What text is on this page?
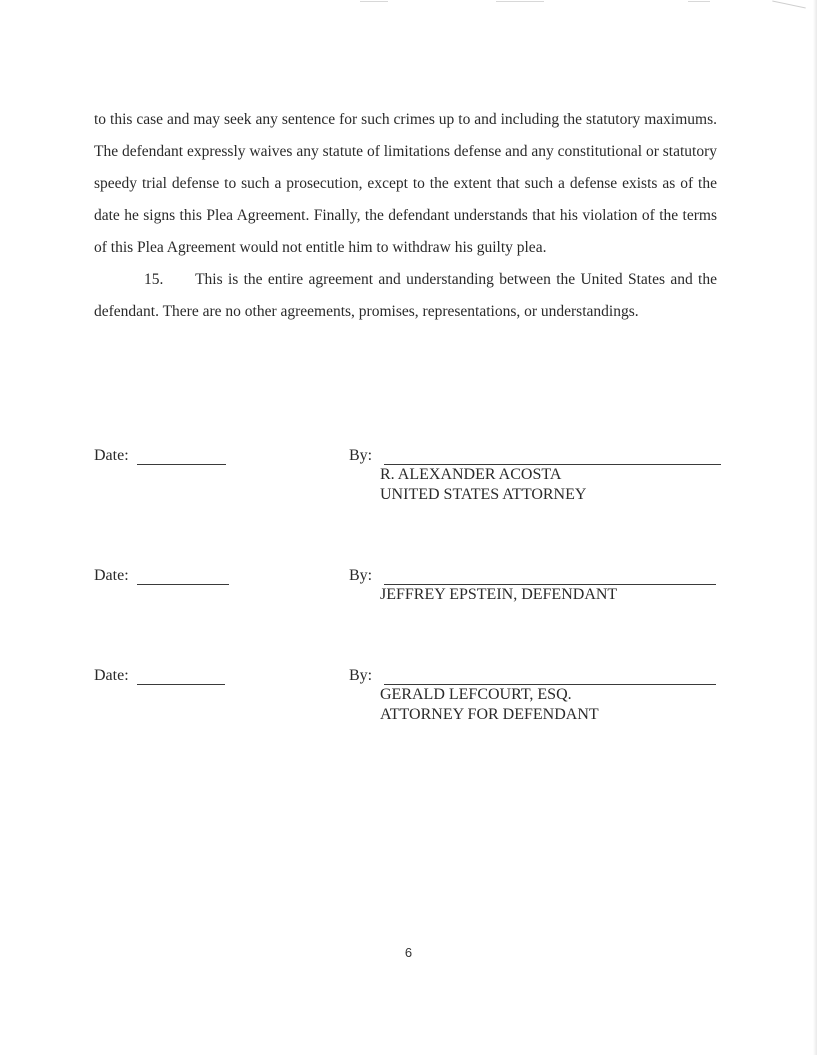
to this case and may seek any sentence for such crimes up to and including the statutory maximums. The defendant expressly waives any statute of limitations defense and any constitutional or statutory speedy trial defense to such a prosecution, except to the extent that such a defense exists as of the date he signs this Plea Agreement. Finally, the defendant understands that his violation of the terms of this Plea Agreement would not entitle him to withdraw his guilty plea.

15.      This is the entire agreement and understanding between the United States and the defendant. There are no other agreements, promises, representations, or understandings.

Date:	By:
R. ALEXANDER ACOSTA
UNITED STATES ATTORNEY
Date:	By:
JEFFREY EPSTEIN, DEFENDANT
Date:	By:
GERALD LEFCOURT, ESQ.
ATTORNEY FOR DEFENDANT
6
